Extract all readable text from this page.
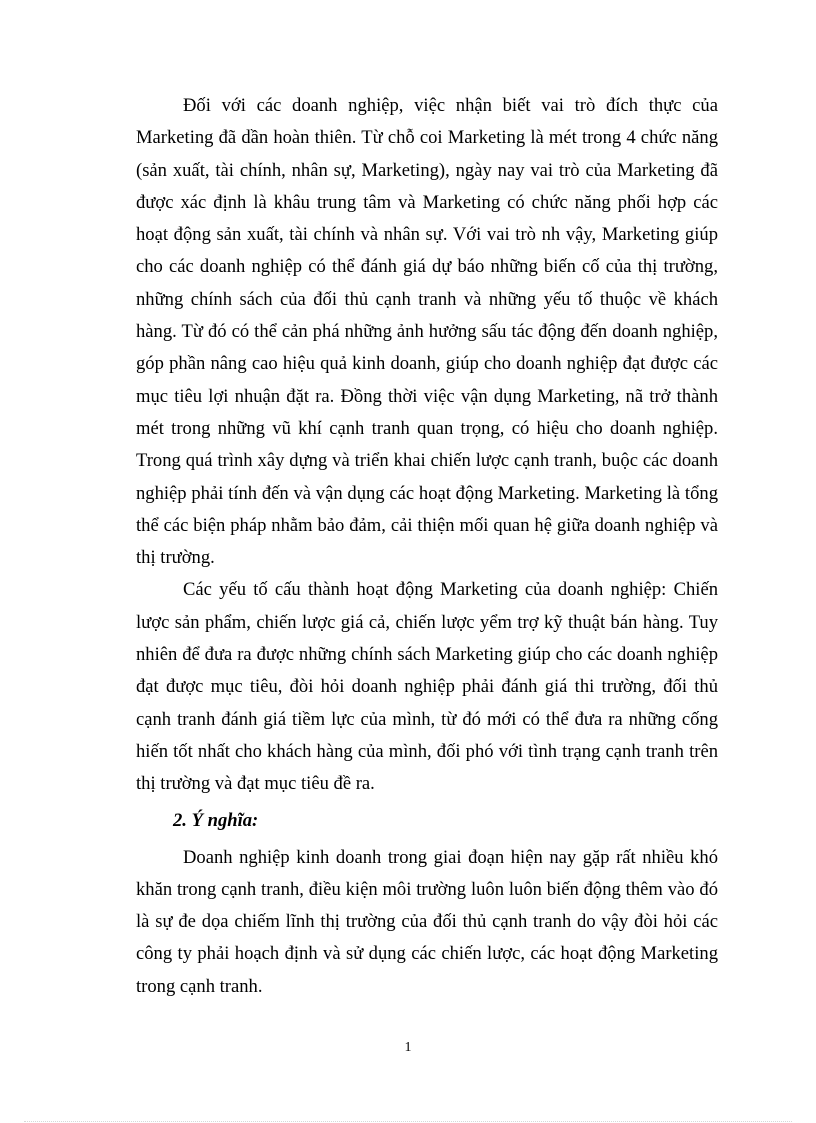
Đối với các doanh nghiệp, việc nhận biết vai trò đích thực của Marketing đã dần hoàn thiên. Từ chỗ coi Marketing là mét trong 4 chức năng (sản xuất, tài chính, nhân sự, Marketing), ngày nay vai trò của Marketing đã được xác định là khâu trung tâm và Marketing có chức năng phối hợp các hoạt động sản xuất, tài chính và nhân sự. Với vai trò nh vậy, Marketing giúp cho các doanh nghiệp có thể đánh giá dự báo những biến cố của thị trường, những chính sách của đối thủ cạnh tranh và những yếu tố thuộc về khách hàng. Từ đó có thể cản phá những ảnh hưởng sấu tác động đến doanh nghiệp, góp phần nâng cao hiệu quả kinh doanh, giúp cho doanh nghiệp đạt được các mục tiêu lợi nhuận đặt ra. Đồng thời việc vận dụng Marketing, nã trở thành mét trong những vũ khí cạnh tranh quan trọng, có hiệu cho doanh nghiệp. Trong quá trình xây dựng và triển khai chiến lược cạnh tranh, buộc các doanh nghiệp phải tính đến và vận dụng các hoạt động Marketing. Marketing là tổng thể các biện pháp nhằm bảo đảm, cải thiện mối quan hệ giữa doanh nghiệp và thị trường.

Các yếu tố cấu thành hoạt động Marketing của doanh nghiệp: Chiến lược sản phẩm, chiến lược giá cả, chiến lược yểm trợ kỹ thuật bán hàng. Tuy nhiên để đưa ra được những chính sách Marketing giúp cho các doanh nghiệp đạt được mục tiêu, đòi hỏi doanh nghiệp phải đánh giá thi trường, đối thủ cạnh tranh đánh giá tiềm lực của mình, từ đó mới có thể đưa ra những cống hiến tốt nhất cho khách hàng của mình, đối phó với tình trạng cạnh tranh trên thị trường và đạt mục tiêu đề ra.

2. Ý nghĩa:

Doanh nghiệp kinh doanh trong giai đoạn hiện nay gặp rất nhiều khó khăn trong cạnh tranh, điều kiện môi trường luôn luôn biến động thêm vào đó là sự đe dọa chiếm lĩnh thị trường của đối thủ cạnh tranh do vậy đòi hỏi các công ty phải hoạch định và sử dụng các chiến lược, các hoạt động Marketing trong cạnh tranh.

1
